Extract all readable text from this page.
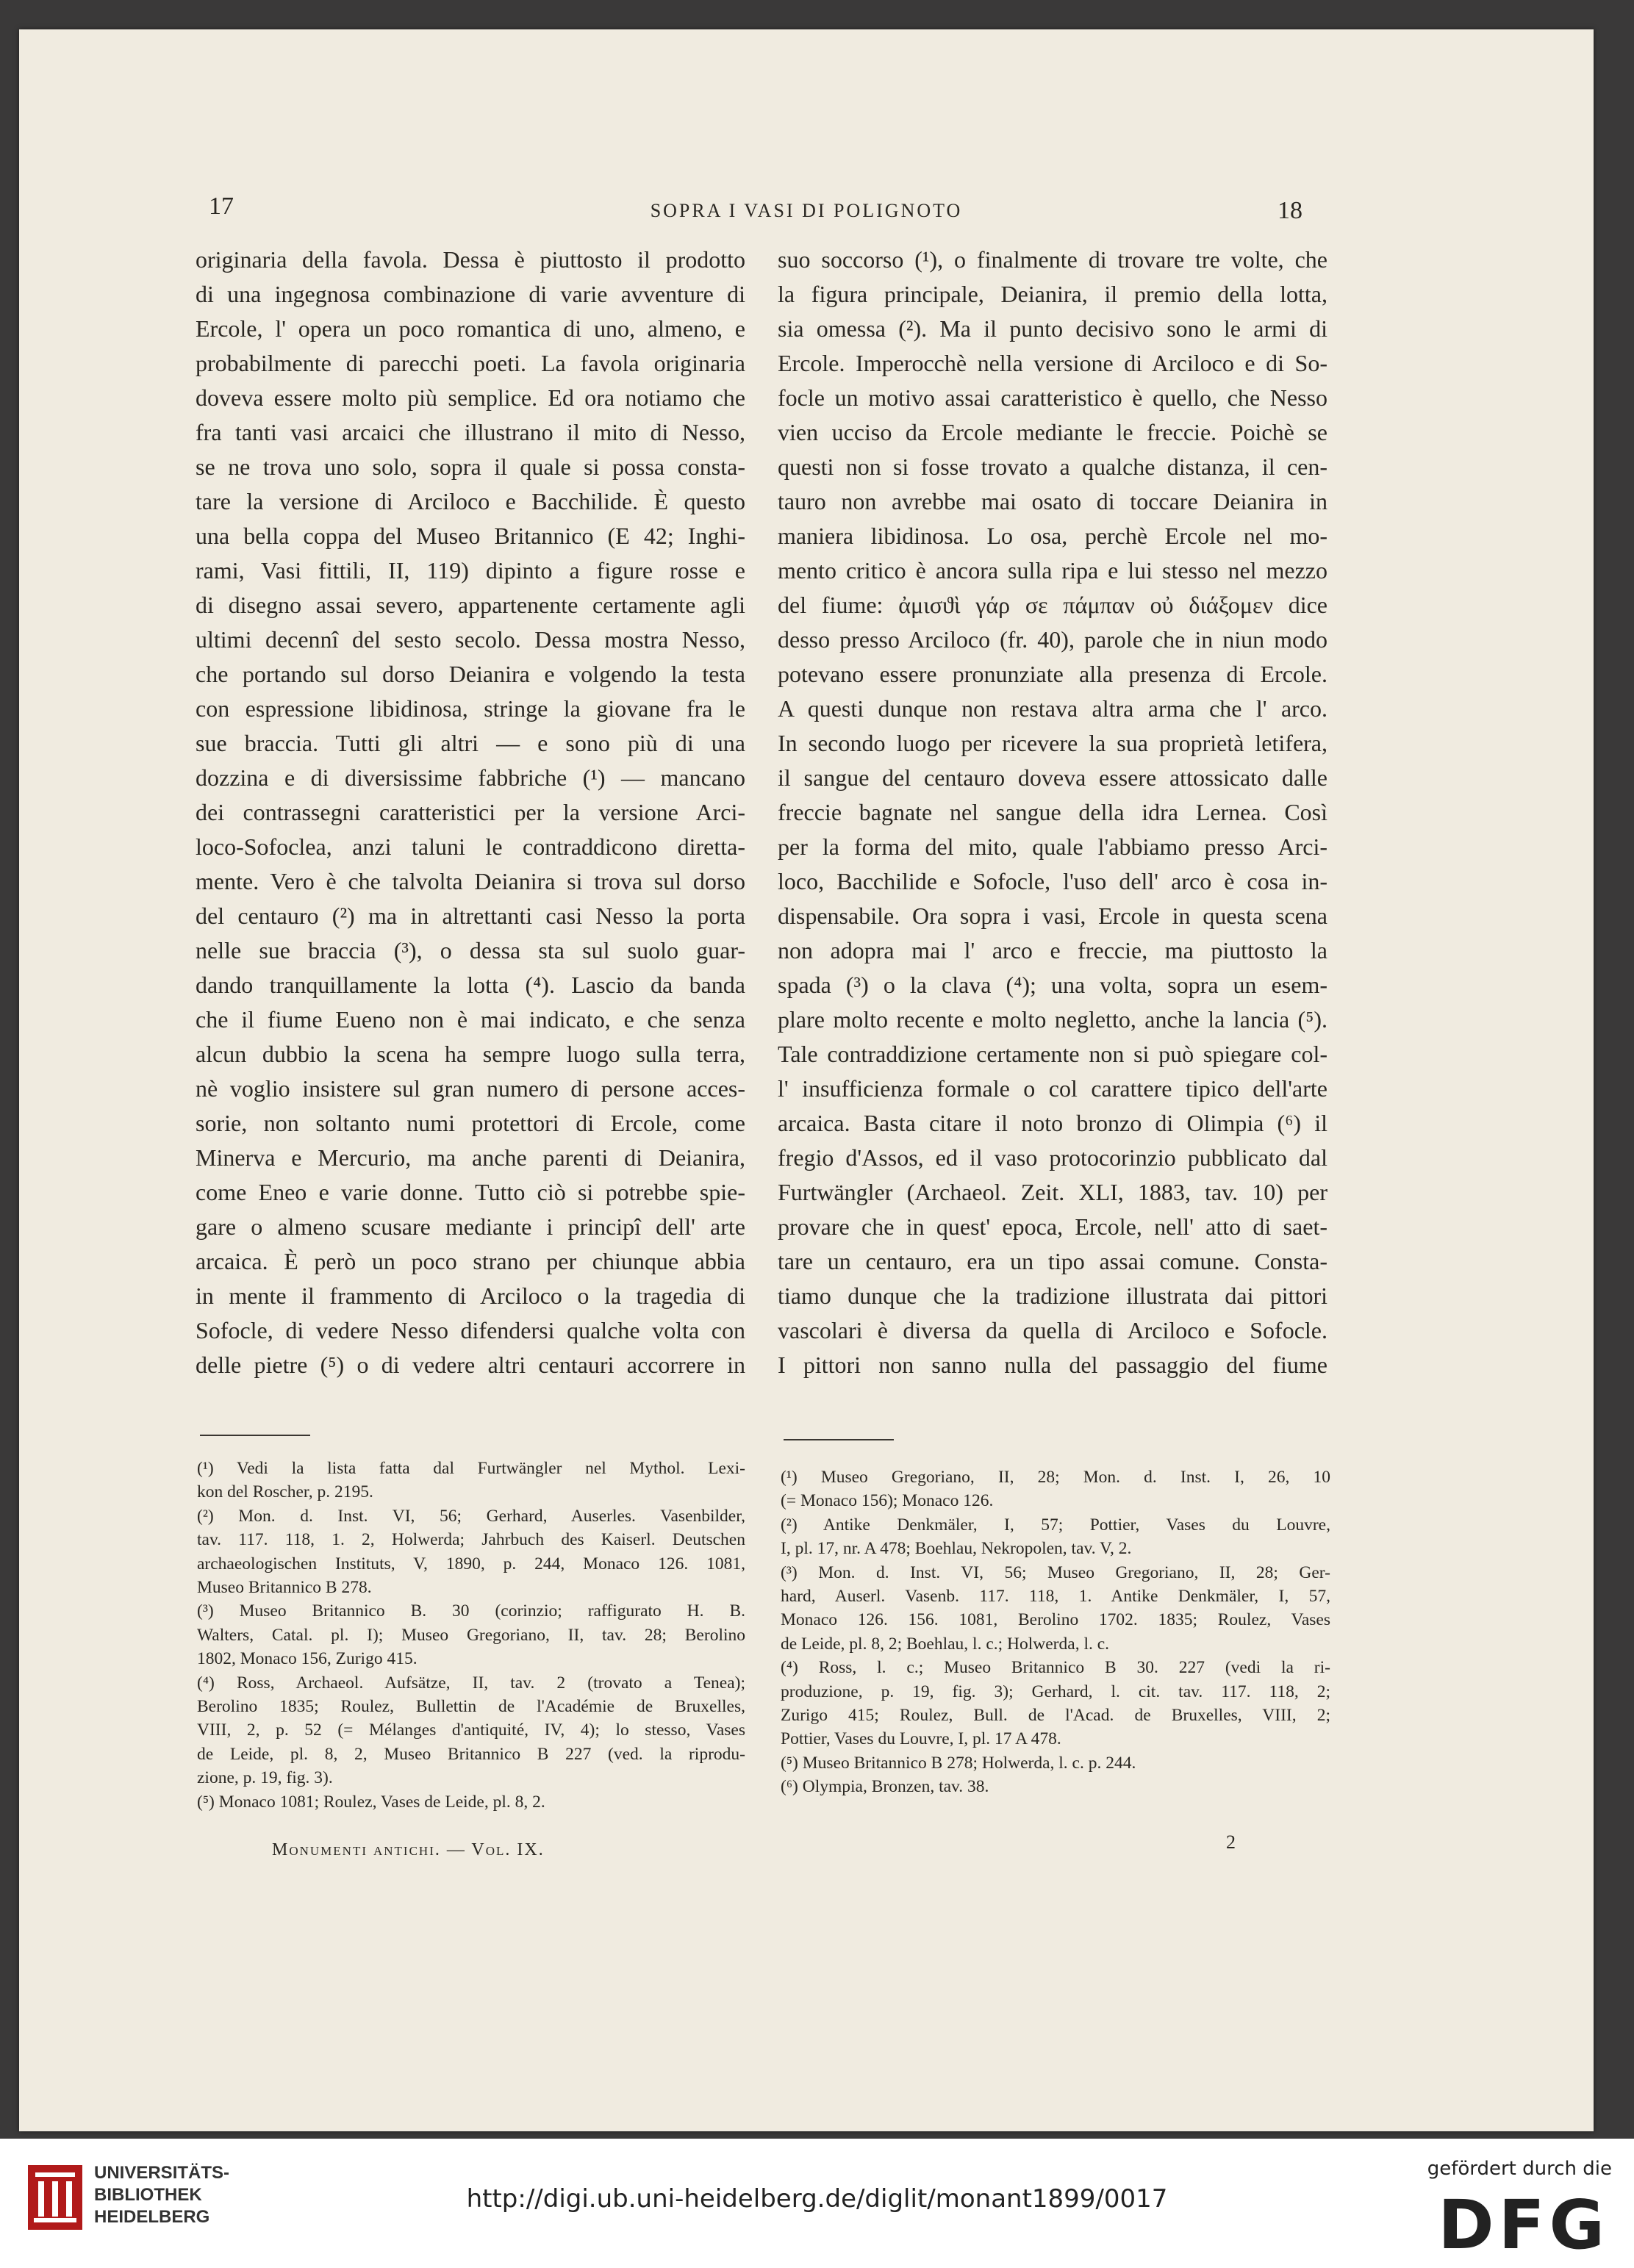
17	SOPRA I VASI DI POLIGNOTO	18
originaria della favola. Dessa è piuttosto il prodotto
di una ingegnosa combinazione di varie avventure di
Ercole, l' opera un poco romantica di uno, almeno, e
probabilmente di parecchi poeti. La favola originaria
doveva essere molto più semplice. Ed ora notiamo che
fra tanti vasi arcaici che illustrano il mito di Nesso,
se ne trova uno solo, sopra il quale si possa consta-
tare la versione di Arciloco e Bacchilide. È questo
una bella coppa del Museo Britannico (E 42; Inghi-
rami, Vasi fittili, II, 119) dipinto a figure rosse e
di disegno assai severo, appartenente certamente agli
ultimi decennî del sesto secolo. Dessa mostra Nesso,
che portando sul dorso Deianira e volgendo la testa
con espressione libidinosa, stringe la giovane fra le
sue braccia. Tutti gli altri — e sono più di una
dozzina e di diversissime fabbriche (¹) — mancano
dei contrassegni caratteristici per la versione Arci-
loco-Sofoclea, anzi taluni le contraddicono diretta-
mente. Vero è che talvolta Deianira si trova sul dorso
del centauro (²) ma in altrettanti casi Nesso la porta
nelle sue braccia (³), o dessa sta sul suolo guar-
dando tranquillamente la lotta (⁴). Lascio da banda
che il fiume Eueno non è mai indicato, e che senza
alcun dubbio la scena ha sempre luogo sulla terra,
nè voglio insistere sul gran numero di persone acces-
sorie, non soltanto numi protettori di Ercole, come
Minerva e Mercurio, ma anche parenti di Deianira,
come Eneo e varie donne. Tutto ciò si potrebbe spie-
gare o almeno scusare mediante i principî dell' arte
arcaica. È però un poco strano per chiunque abbia
in mente il frammento di Arciloco o la tragedia di
Sofocle, di vedere Nesso difendersi qualche volta con
delle pietre (⁵) o di vedere altri centauri accorrere in
suo soccorso (¹), o finalmente di trovare tre volte, che
la figura principale, Deianira, il premio della lotta,
sia omessa (²). Ma il punto decisivo sono le armi di
Ercole. Imperocchè nella versione di Arciloco e di So-
focle un motivo assai caratteristico è quello, che Nesso
vien ucciso da Ercole mediante le freccie. Poichè se
questi non si fosse trovato a qualche distanza, il cen-
tauro non avrebbe mai osato di toccare Deianira in
maniera libidinosa. Lo osa, perchè Ercole nel mo-
mento critico è ancora sulla ripa e lui stesso nel mezzo
del fiume: ἀμισϑὶ γάρ σε πάμπαν οὐ διάξομεν dice
desso presso Arciloco (fr. 40), parole che in niun modo
potevano essere pronunziate alla presenza di Ercole.
A questi dunque non restava altra arma che l' arco.
In secondo luogo per ricevere la sua proprietà letifera,
il sangue del centauro doveva essere attossicato dalle
freccie bagnate nel sangue della idra Lernea. Così
per la forma del mito, quale l'abbiamo presso Arci-
loco, Bacchilide e Sofocle, l'uso dell' arco è cosa in-
dispensabile. Ora sopra i vasi, Ercole in questa scena
non adopra mai l' arco e freccie, ma piuttosto la
spada (³) o la clava (⁴); una volta, sopra un esem-
plare molto recente e molto negletto, anche la lancia (⁵).
Tale contraddizione certamente non si può spiegare col-
l' insufficienza formale o col carattere tipico dell'arte
arcaica. Basta citare il noto bronzo di Olimpia (⁶) il
fregio d'Assos, ed il vaso protocorinzio pubblicato dal
Furtwängler (Archaeol. Zeit. XLI, 1883, tav. 10) per
provare che in quest' epoca, Ercole, nell' atto di saet-
tare un centauro, era un tipo assai comune. Consta-
tiamo dunque che la tradizione illustrata dai pittori
vascolari è diversa da quella di Arciloco e Sofocle.
I pittori non sanno nulla del passaggio del fiume
(¹) Vedi la lista fatta dal Furtwängler nel Mythol. Lexi-
kon del Roscher, p. 2195.
(²) Mon. d. Inst. VI, 56; Gerhard, Auserles. Vasenbilder,
tav. 117. 118, 1. 2, Holwerda; Jahrbuch des Kaiserl. Deutschen
archaeologischen Instituts, V, 1890, p. 244, Monaco 126. 1081,
Museo Britannico B 278.
(³) Museo Britannico B. 30 (corinzio; raffigurato H. B.
Walters, Catal. pl. I); Museo Gregoriano, II, tav. 28; Berolino
1802, Monaco 156, Zurigo 415.
(⁴) Ross, Archaeol. Aufsätze, II, tav. 2 (trovato a Tenea);
Berolino 1835; Roulez, Bullettin de l'Académie de Bruxelles,
VIII, 2, p. 52 (= Mélanges d'antiquité, IV, 4); lo stesso, Vases
de Leide, pl. 8, 2, Museo Britannico B 227 (ved. la riprodu-
zione, p. 19, fig. 3).
(⁵) Monaco 1081; Roulez, Vases de Leide, pl. 8, 2.
(¹) Museo Gregoriano, II, 28; Mon. d. Inst. I, 26, 10
(= Monaco 156); Monaco 126.
(²) Antike Denkmäler, I, 57; Pottier, Vases du Louvre,
I, pl. 17, nr. A 478; Boehlau, Nekropolen, tav. V, 2.
(³) Mon. d. Inst. VI, 56; Museo Gregoriano, II, 28; Ger-
hard, Auserl. Vasenb. 117. 118, 1. Antike Denkmäler, I, 57,
Monaco 126. 156. 1081, Berolino 1702. 1835; Roulez, Vases
de Leide, pl. 8, 2; Boehlau, l. c.; Holwerda, l. c.
(⁴) Ross, l. c.; Museo Britannico B 30. 227 (vedi la ri-
produzione, p. 19, fig. 3); Gerhard, l. cit. tav. 117. 118, 2;
Zurigo 415; Roulez, Bull. de l'Acad. de Bruxelles, VIII, 2;
Pottier, Vases du Louvre, I, pl. 17 A 478.
(⁵) Museo Britannico B 278; Holwerda, l. c. p. 244.
(⁶) Olympia, Bronzen, tav. 38.
Monumenti antichi. — Vol. IX.	2
UNIVERSITÄTS-
BIBLIOTHEK
HEIDELBERG
http://digi.ub.uni-heidelberg.de/diglit/monant1899/0017
gefördert durch die
DFG
